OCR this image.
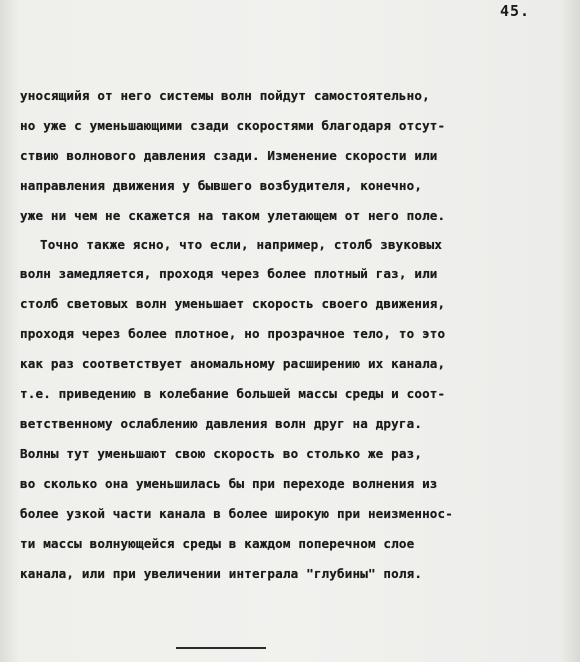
45.
уносящийя от него системы волн пойдут самостоятельно,
но уже с уменьшающими сзади скоростями благодаря отсут-
ствию волнового давления сзади. Изменение скорости или
направления движения у бывшего возбудителя, конечно,
уже ни чем не скажется на таком улетающем от него поле.
Точно также ясно, что если, например, столб звуковых
волн замедляется, проходя через более плотный газ, или
столб световых волн уменьшает скорость своего движения,
проходя через более плотное, но прозрачное тело, то это
как раз соответствует аномальному расширению их канала,
т.е. приведению в колебание большей массы среды и соот-
ветственному ослаблению давления волн друг на друга.
Волны тут уменьшают свою скорость во столько же раз,
во сколько она уменьшилась бы при переходе волнения из
более узкой части канала в более широкую при неизменнос-
ти массы волнующейся среды в каждом поперечном слое
канала, или при увеличении интеграла "глубины" поля.
